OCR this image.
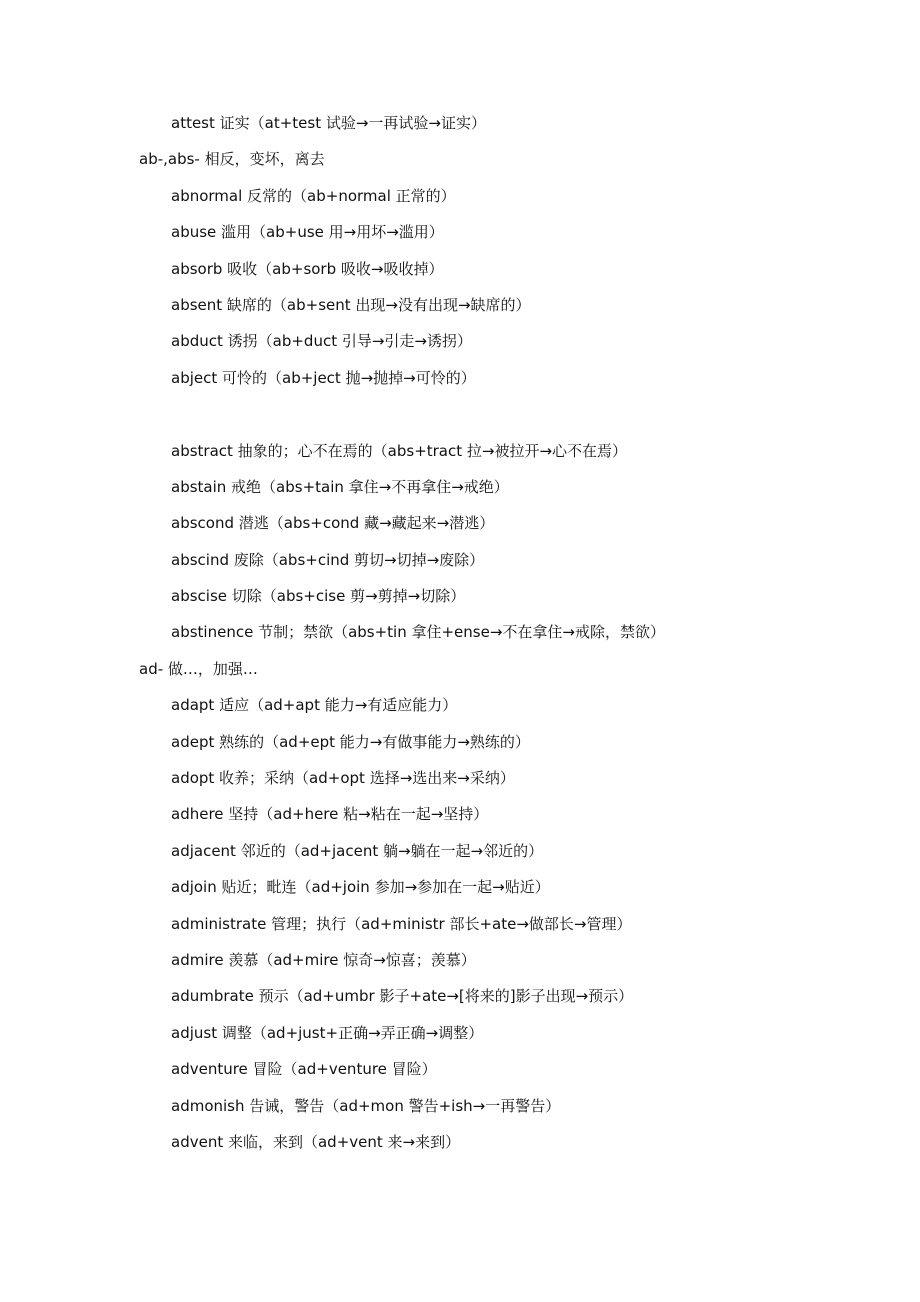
attest 证实（at+test 试验→一再试验→证实）
ab-,abs- 相反，变坏，离去
abnormal 反常的（ab+normal 正常的）
abuse 滥用（ab+use 用→用坏→滥用）
absorb 吸收（ab+sorb 吸收→吸收掉）
absent 缺席的（ab+sent 出现→没有出现→缺席的）
abduct 诱拐（ab+duct 引导→引走→诱拐）
abject 可怜的（ab+ject 抛→抛掉→可怜的）
abstract 抽象的；心不在焉的（abs+tract 拉→被拉开→心不在焉）
abstain 戒绝（abs+tain 拿住→不再拿住→戒绝）
abscond 潜逃（abs+cond 藏→藏起来→潜逃）
abscind 废除（abs+cind 剪切→切掉→废除）
abscise 切除（abs+cise 剪→剪掉→切除）
abstinence 节制；禁欲（abs+tin 拿住+ense→不在拿住→戒除，禁欲）
ad- 做…，加强…
adapt 适应（ad+apt 能力→有适应能力）
adept 熟练的（ad+ept 能力→有做事能力→熟练的）
adopt 收养；采纳（ad+opt 选择→选出来→采纳）
adhere 坚持（ad+here 粘→粘在一起→坚持）
adjacent 邻近的（ad+jacent 躺→躺在一起→邻近的）
adjoin 贴近；毗连（ad+join 参加→参加在一起→贴近）
administrate 管理；执行（ad+ministr 部长+ate→做部长→管理）
admire 羡慕（ad+mire 惊奇→惊喜；羡慕）
adumbrate 预示（ad+umbr 影子+ate→[将来的]影子出现→预示）
adjust 调整（ad+just+正确→弄正确→调整）
adventure 冒险（ad+venture 冒险）
admonish 告诫，警告（ad+mon 警告+ish→一再警告）
advent 来临，来到（ad+vent 来→来到）
